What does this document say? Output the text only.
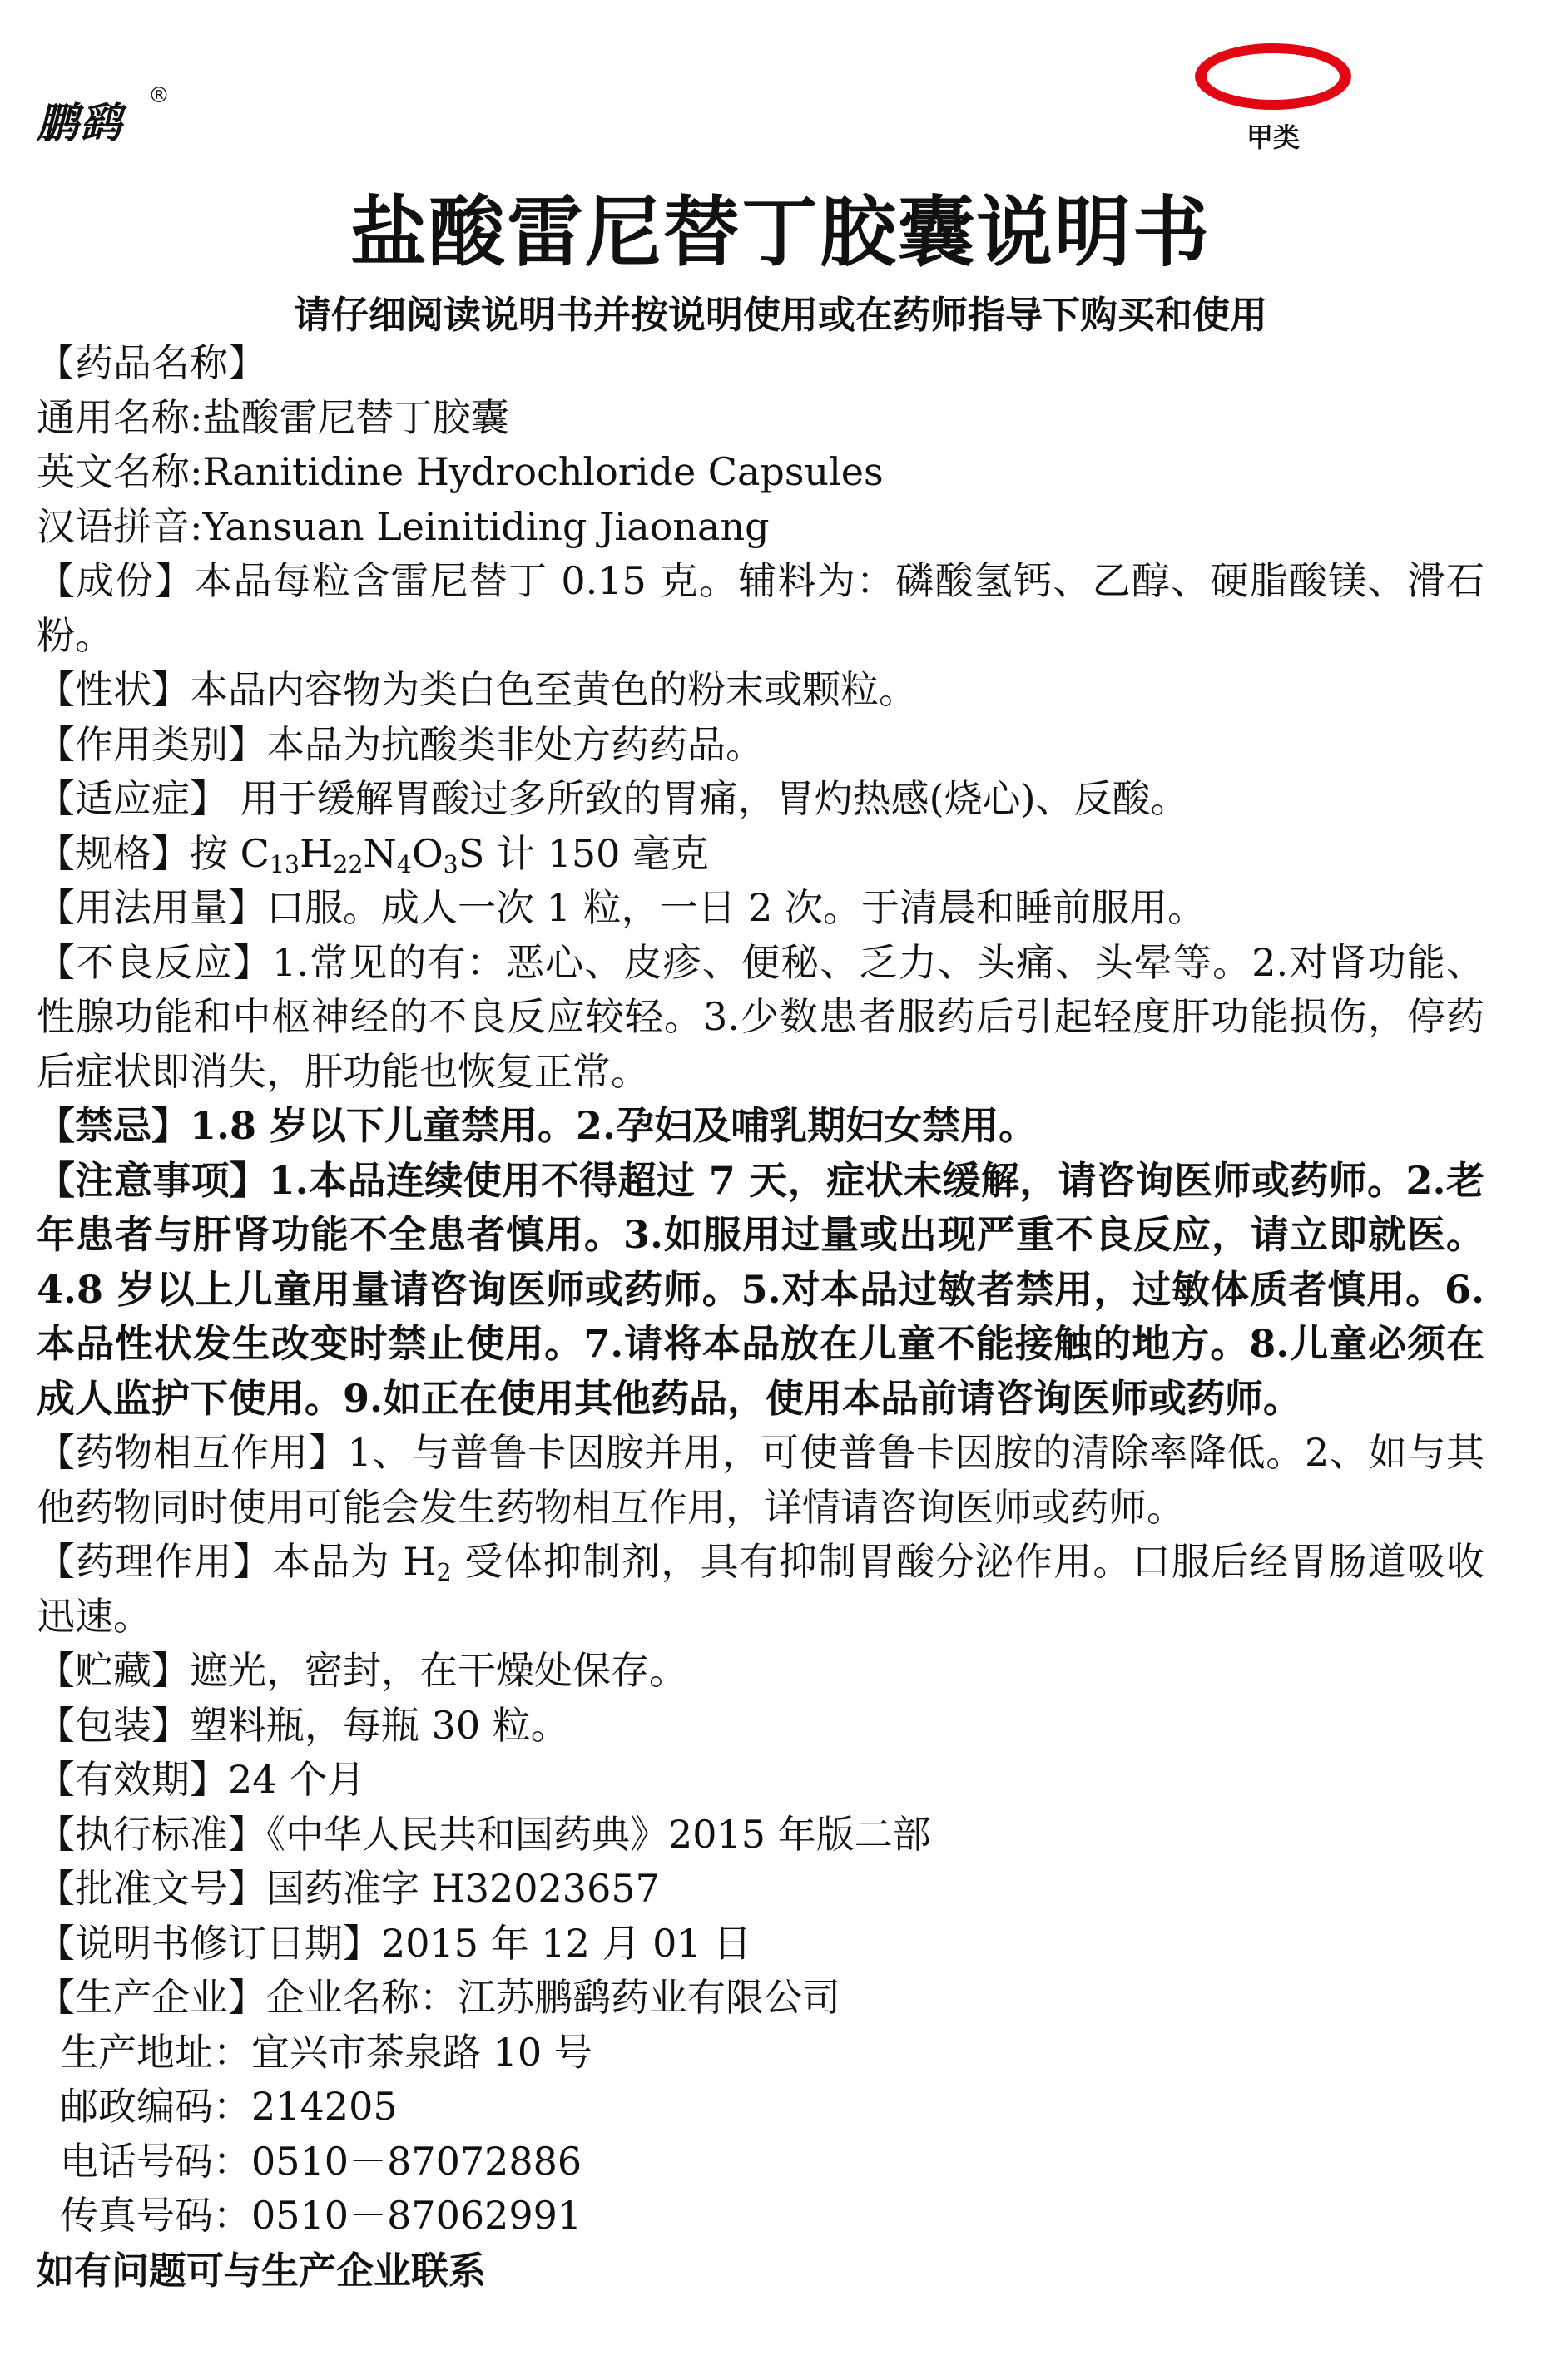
鹏鹞
®	OTC
甲类
盐酸雷尼替丁胶囊说明书
请仔细阅读说明书并按说明使用或在药师指导下购买和使用

【药品名称】

通用名称:盐酸雷尼替丁胶囊

英文名称:Ranitidine Hydrochloride Capsules

汉语拼音:Yansuan Leinitiding Jiaonang

【成份】本品每粒含雷尼替丁 0.15 克。辅料为：磷酸氢钙、乙醇、硬脂酸镁、滑石粉。

【性状】本品内容物为类白色至黄色的粉末或颗粒。

【作用类别】本品为抗酸类非处方药药品。

【适应症】 用于缓解胃酸过多所致的胃痛，胃灼热感(烧心)、反酸。

【规格】按 $C_{13}H_{22}N_4O_3S$ 计 150 毫克

【用法用量】口服。成人一次 1 粒，一日 2 次。于清晨和睡前服用。

【不良反应】1.常见的有：恶心、皮疹、便秘、乏力、头痛、头晕等。2.对肾功能、性腺功能和中枢神经的不良反应较轻。3.少数患者服药后引起轻度肝功能损伤，停药后症状即消失，肝功能也恢复正常。

【禁忌】1.8 岁以下儿童禁用。2.孕妇及哺乳期妇女禁用。

【注意事项】1.本品连续使用不得超过 7 天，症状未缓解，请咨询医师或药师。2.老年患者与肝肾功能不全患者慎用。3.如服用过量或出现严重不良反应，请立即就医。4.8 岁以上儿童用量请咨询医师或药师。5.对本品过敏者禁用，过敏体质者慎用。6.本品性状发生改变时禁止使用。7.请将本品放在儿童不能接触的地方。8.儿童必须在成人监护下使用。9.如正在使用其他药品，使用本品前请咨询医师或药师。

【药物相互作用】1、与普鲁卡因胺并用，可使普鲁卡因胺的清除率降低。2、如与其他药物同时使用可能会发生药物相互作用，详情请咨询医师或药师。

【药理作用】本品为 $H_2$ 受体抑制剂，具有抑制胃酸分泌作用。口服后经胃肠道吸收迅速。

【贮藏】遮光，密封，在干燥处保存。

【包装】塑料瓶，每瓶 30 粒。

【有效期】24 个月

【执行标准】《中华人民共和国药典》2015 年版二部

【批准文号】国药准字 H32023657

【说明书修订日期】2015 年 12 月 01 日

【生产企业】企业名称：江苏鹏鹞药业有限公司

生产地址：宜兴市茶泉路 10 号

邮政编码：214205

电话号码：0510－87072886

传真号码：0510－87062991

如有问题可与生产企业联系
